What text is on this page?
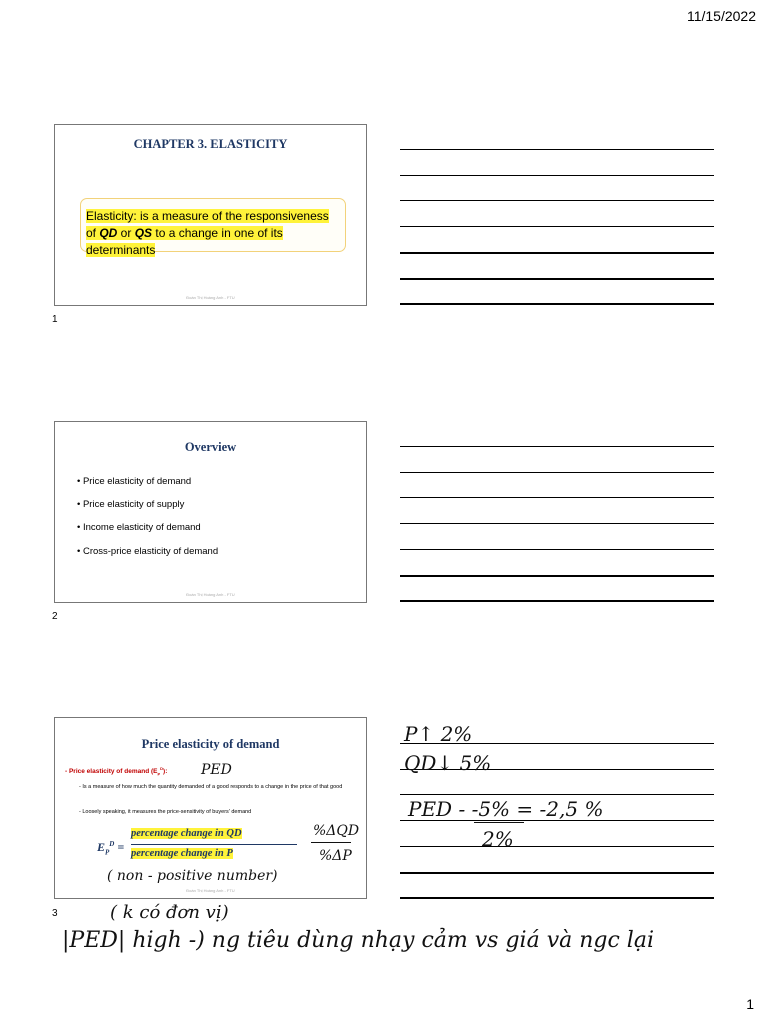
11/15/2022
CHAPTER 3. ELASTICITY
Elasticity: is a measure of the responsiveness of QD or QS to a change in one of its determinants
Đoàn Thị Hoàng Anh - FTU
1
Overview
• Price elasticity of demand
• Price elasticity of supply
• Income elasticity of demand
• Cross-price elasticity of demand
Đoàn Thị Hoàng Anh - FTU
2
Price elasticity of demand
- Price elasticity of demand $(E_P^D)$: PED
- Is a measure of how much the quantity demanded of a good responds to a change in the price of that good
- Loosely speaking, it measures the price-sensitivity of buyers' demand
$E_P^D$ =
percentage change in QD
percentage change in P
%ΔQD
%ΔP
( non - positive number)
Đoàn Thị Hoàng Anh - FTU
3
P↑ 2%
QD↓ 5%
PED - -5% = -2,5 %
2%
( k có đơn vị)
|PED| high -) ng tiêu dùng nhạy cảm vs giá và ngc lại
1
